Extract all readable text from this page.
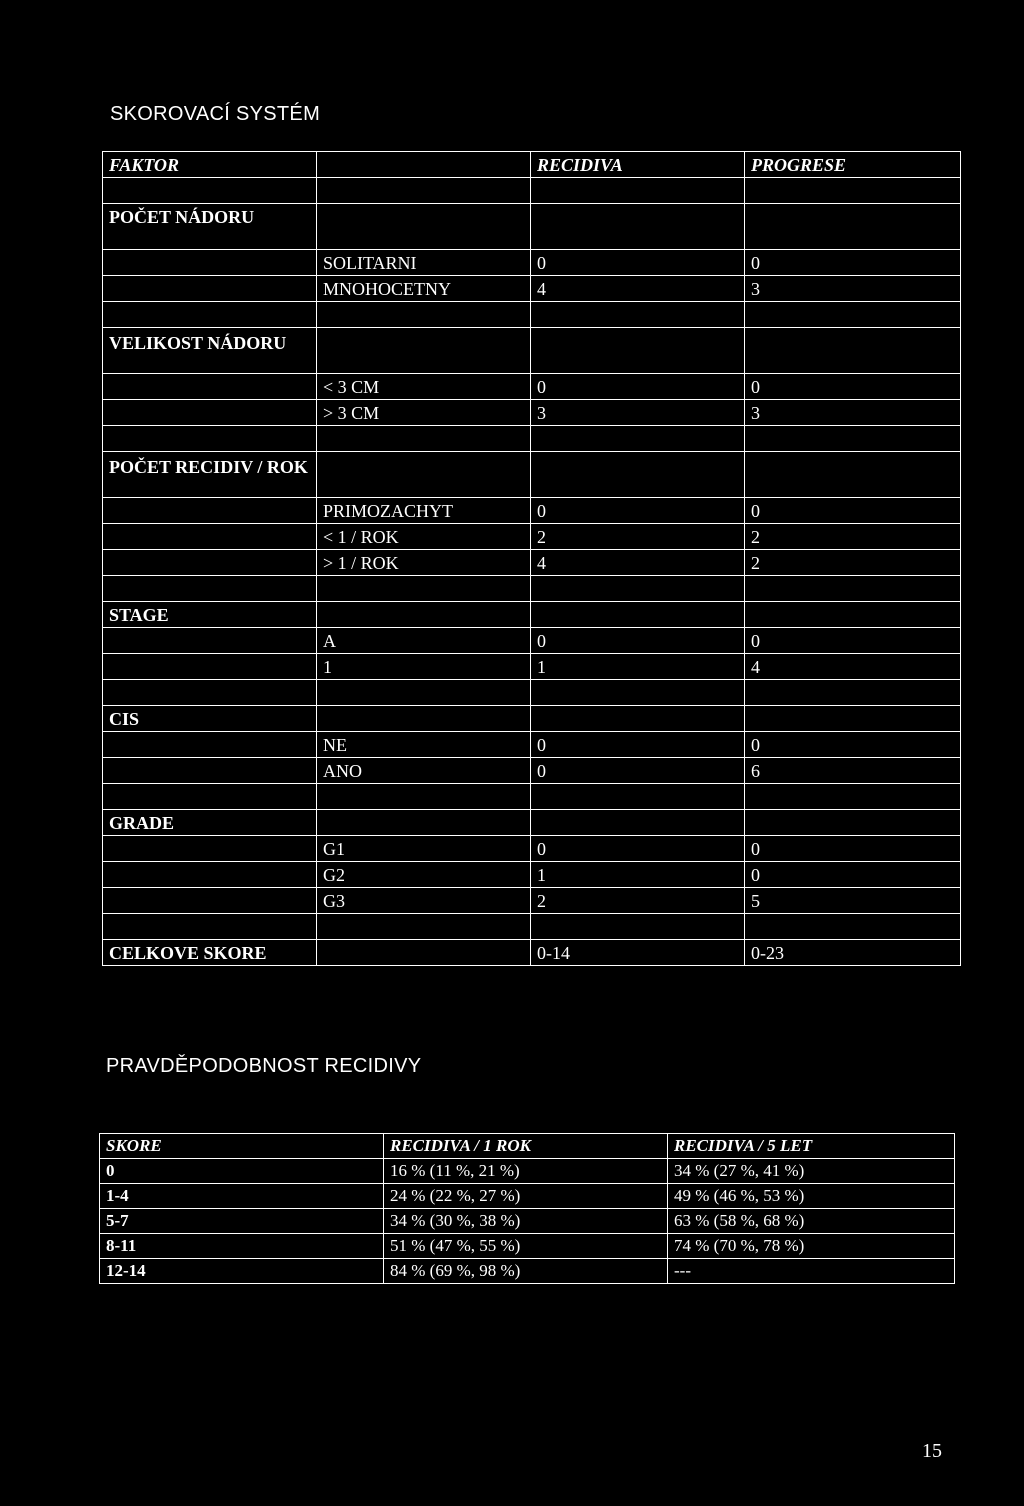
SKOROVACÍ SYSTÉM
FAKTOR		RECIDIVA	PROGRESE

POČET NÁDORU			
	SOLITARNI	0	0
	MNOHOCETNY	4	3

VELIKOST NÁDORU			
	< 3 CM	0	0
	> 3 CM	3	3

POČET RECIDIV / ROK			
	PRIMOZACHYT	0	0
	< 1 / ROK	2	2
	> 1 / ROK	4	2

STAGE			
	A	0	0
	1	1	4

CIS			
	NE	0	0
	ANO	0	6

GRADE			
	G1	0	0
	G2	1	0
	G3	2	5

CELKOVE SKORE		0-14	0-23
PRAVDĚPODOBNOST RECIDIVY
SKORE	RECIDIVA / 1 ROK	RECIDIVA / 5 LET
0	16 % (11 %, 21 %)	34 % (27 %, 41 %)
1-4	24 % (22 %, 27 %)	49 % (46 %, 53 %)
5-7	34 % (30 %, 38 %)	63 % (58 %, 68 %)
8-11	51 % (47 %, 55 %)	74 % (70 %, 78 %)
12-14	84 % (69 %, 98 %)	---
15
